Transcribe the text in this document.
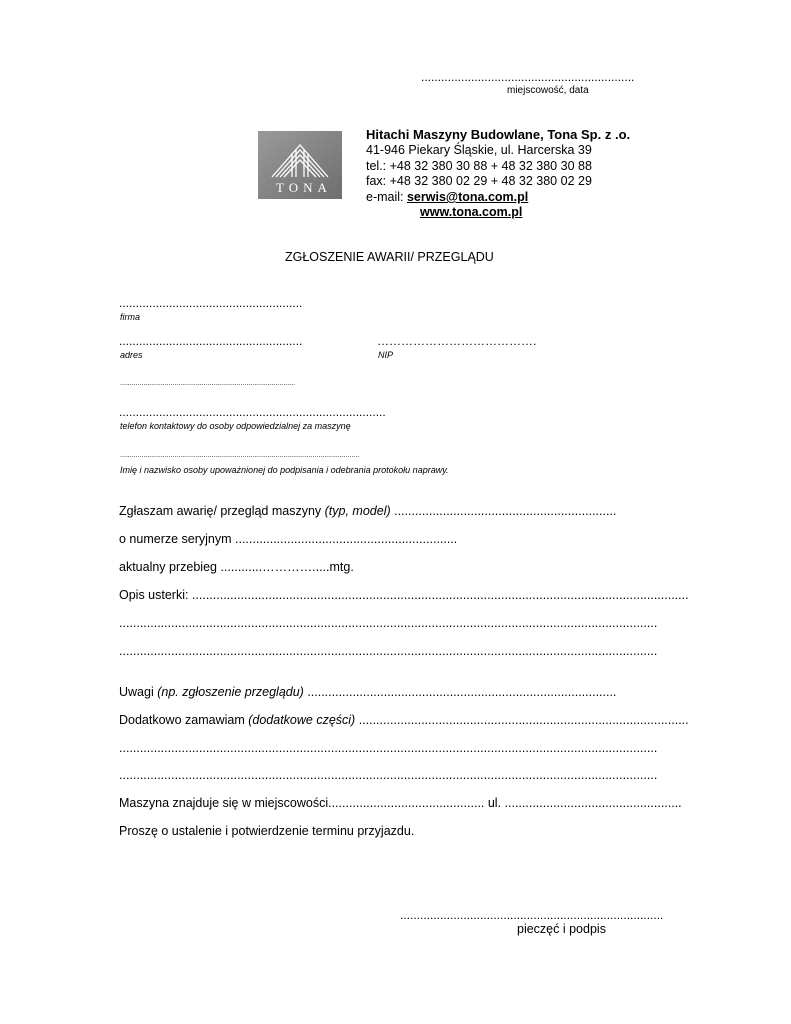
................................................................
miejscowość, data
TONA
Hitachi Maszyny Budowlane, Tona Sp. z .o.
41-946 Piekary Śląskie, ul. Harcerska 39
tel.: +48 32 380 30 88 + 48 32 380 30 88
fax: +48 32 380 02 29 + 48 32 380 02 29
e-mail: serwis@tona.com.pl
www.tona.com.pl
ZGŁOSZENIE AWARII/ PRZEGLĄDU
.......................................................
firma
.......................................................
adres
………………………………….
NIP
..........................................................................................
................................................................................
telefon kontaktowy do osoby odpowiedzialnej za maszynę
...........................................................................................................................
Imię i nazwisko osoby upoważnionej do podpisania i odebrania protokołu naprawy.
Zgłaszam awarię/ przegląd maszyny (typ, model) ................................................................
o numerze seryjnym ................................................................
aktualny przebieg ............………….....mtg.
Opis usterki: ...............................................................................................................................................
...........................................................................................................................................................
...........................................................................................................................................................
Uwagi (np. zgłoszenie przeglądu) .........................................................................................
Dodatkowo zamawiam (dodatkowe części) ...............................................................................................
...........................................................................................................................................................
...........................................................................................................................................................
Maszyna znajduje się w miejscowości............................................. ul. ...................................................
Proszę o ustalenie i potwierdzenie terminu przyjazdu.
...............................................................................
pieczęć i podpis
